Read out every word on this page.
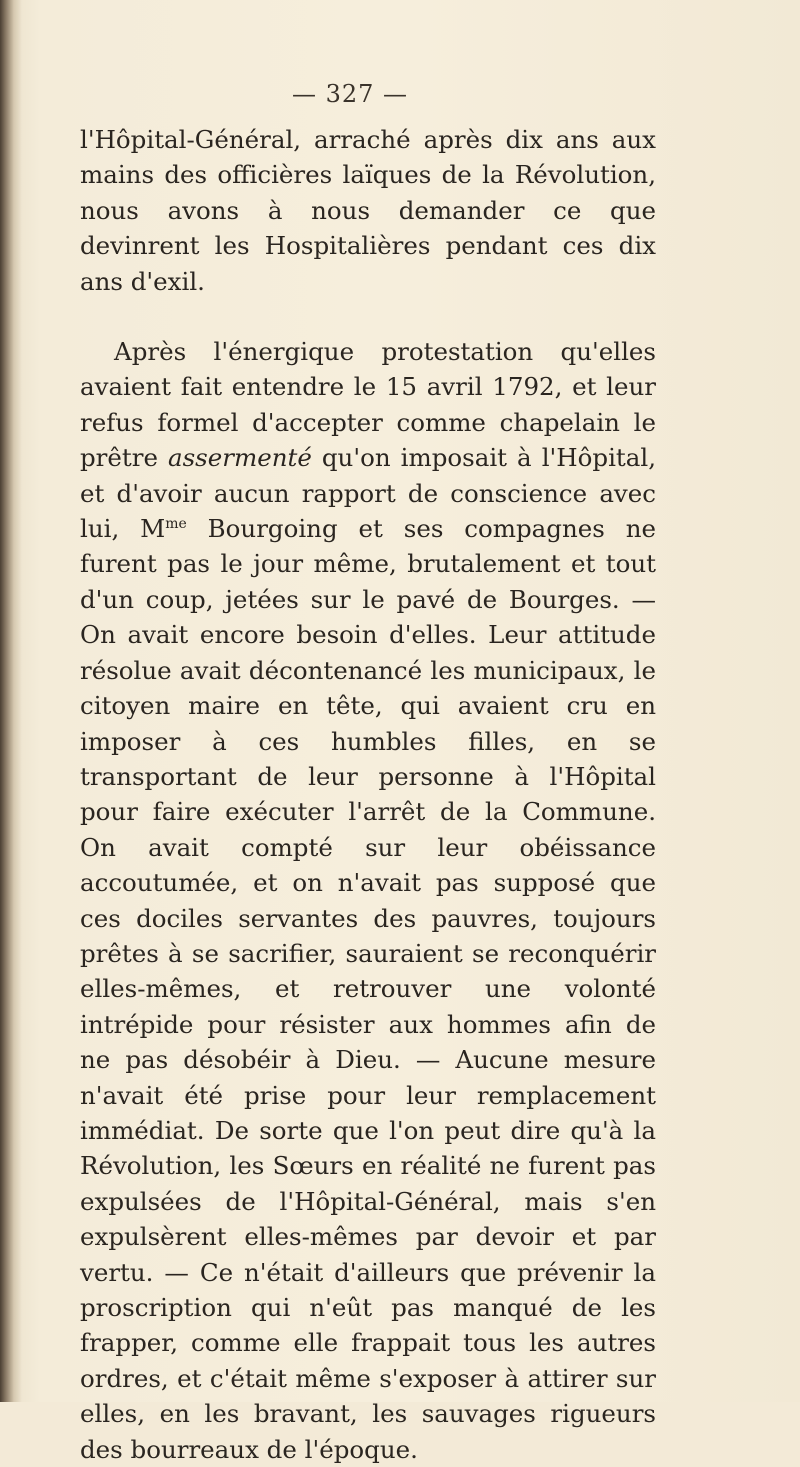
— 327 —

l'Hôpital-Général, arraché après dix ans aux mains des officières laïques de la Révolution, nous avons à nous demander ce que devinrent les Hospitalières pendant ces dix ans d'exil.

Après l'énergique protestation qu'elles avaient fait entendre le 15 avril 1792, et leur refus formel d'accepter comme chapelain le prêtre assermenté qu'on imposait à l'Hôpital, et d'avoir aucun rapport de conscience avec lui, $M^{me}$ Bourgoing et ses compagnes ne furent pas le jour même, brutalement et tout d'un coup, jetées sur le pavé de Bourges. — On avait encore besoin d'elles. Leur attitude résolue avait décontenancé les municipaux, le citoyen maire en tête, qui avaient cru en imposer à ces humbles filles, en se transportant de leur personne à l'Hôpital pour faire exécuter l'arrêt de la Commune. On avait compté sur leur obéissance accoutumée, et on n'avait pas supposé que ces dociles servantes des pauvres, toujours prêtes à se sacrifier, sauraient se reconquérir elles-mêmes, et retrouver une volonté intrépide pour résister aux hommes afin de ne pas désobéir à Dieu. — Aucune mesure n'avait été prise pour leur remplacement immédiat. De sorte que l'on peut dire qu'à la Révolution, les Sœurs en réalité ne furent pas expulsées de l'Hôpital-Général, mais s'en expulsèrent elles-mêmes par devoir et par vertu. — Ce n'était d'ailleurs que prévenir la proscription qui n'eût pas manqué de les frapper, comme elle frappait tous les autres ordres, et c'était même s'exposer à attirer sur elles, en les bravant, les sauvages rigueurs des bourreaux de l'époque.
